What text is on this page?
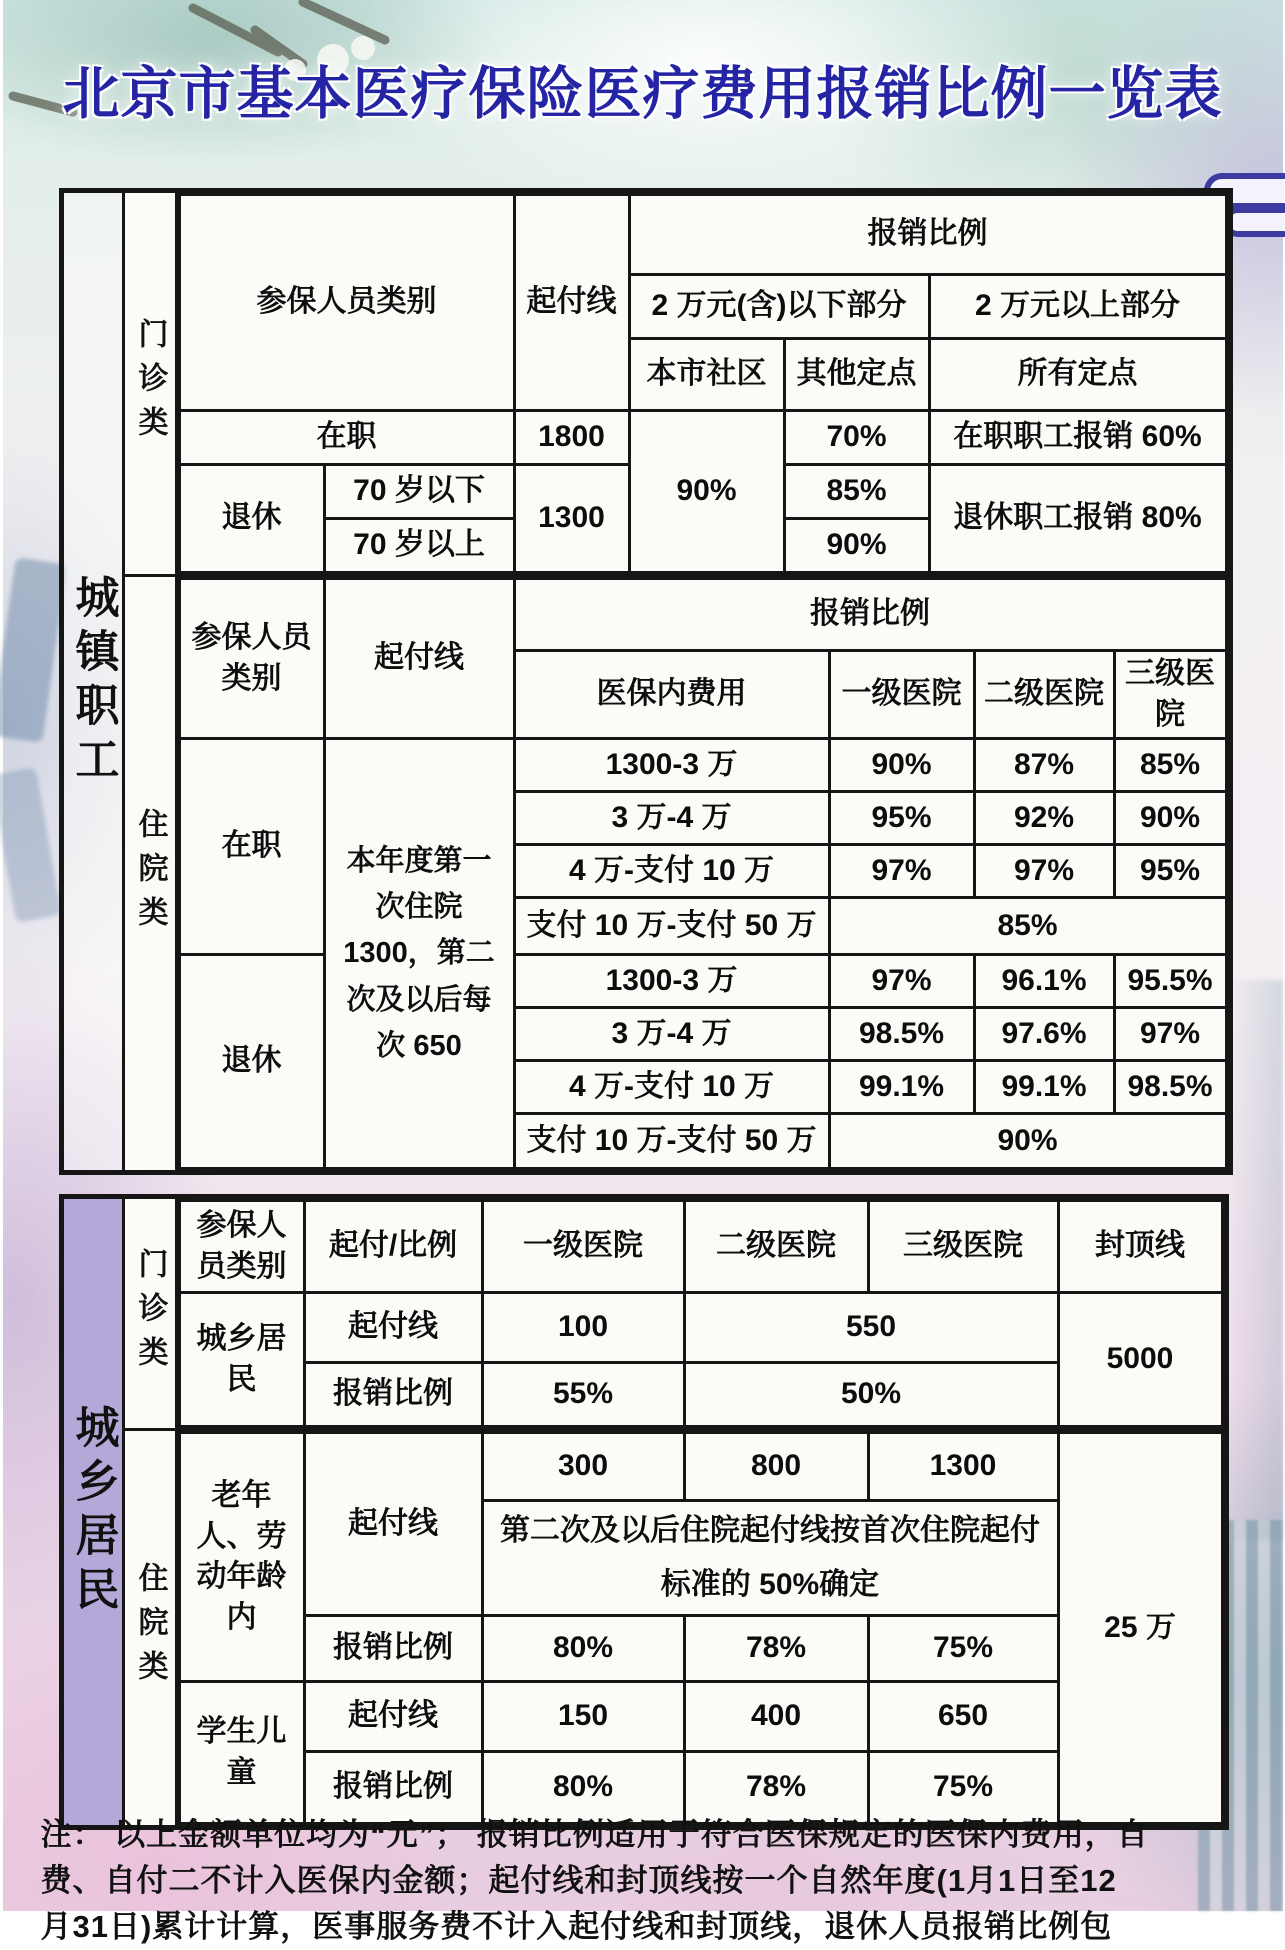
北京市基本医疗保险医疗费用报销比例一览表
城镇职工
门诊类
参保人员类别		起付线	报销比例		
			2 万元(含)以下部分		2 万元以上部分
			本市社区	其他定点	所有定点
在职		1800	90%	70%	在职职工报销 60%
退休	70 岁以下	1300		85%	退休职工报销 80%
	70 岁以上			90%	
住院类
参保人员类别	起付线	报销比例			
		医保内费用	一级医院	二级医院	三级医院
在职	本年度第一次住院 1300，第二次及以后每次 650	1300-3 万	90%	87%	85%
		3 万-4 万	95%	92%	90%
		4 万-支付 10 万	97%	97%	95%
		支付 10 万-支付 50 万	85%		
退休		1300-3 万	97%	96.1%	95.5%
		3 万-4 万	98.5%	97.6%	97%
		4 万-支付 10 万	99.1%	99.1%	98.5%
		支付 10 万-支付 50 万	90%		
城乡居民
门诊类
参保人员类别	起付/比例	一级医院	二级医院	三级医院	封顶线
城乡居民	起付线	100	550		5000
	报销比例	55%	50%		
住院类
老年人、劳动年龄内	起付线	300	800	1300	25 万
		第二次及以后住院起付线按首次住院起付标准的 50%确定			
	报销比例	80%	78%	75%	
学生儿童	起付线	150	400	650	
	报销比例	80%	78%	75%	
注： 以上金额单位均为“元”； 报销比例适用于符合医保规定的医保内费用，自
费、自付二不计入医保内金额；起付线和封顶线按一个自然年度(1月1日至12
月31日)累计计算，医事服务费不计入起付线和封顶线，退休人员报销比例包
